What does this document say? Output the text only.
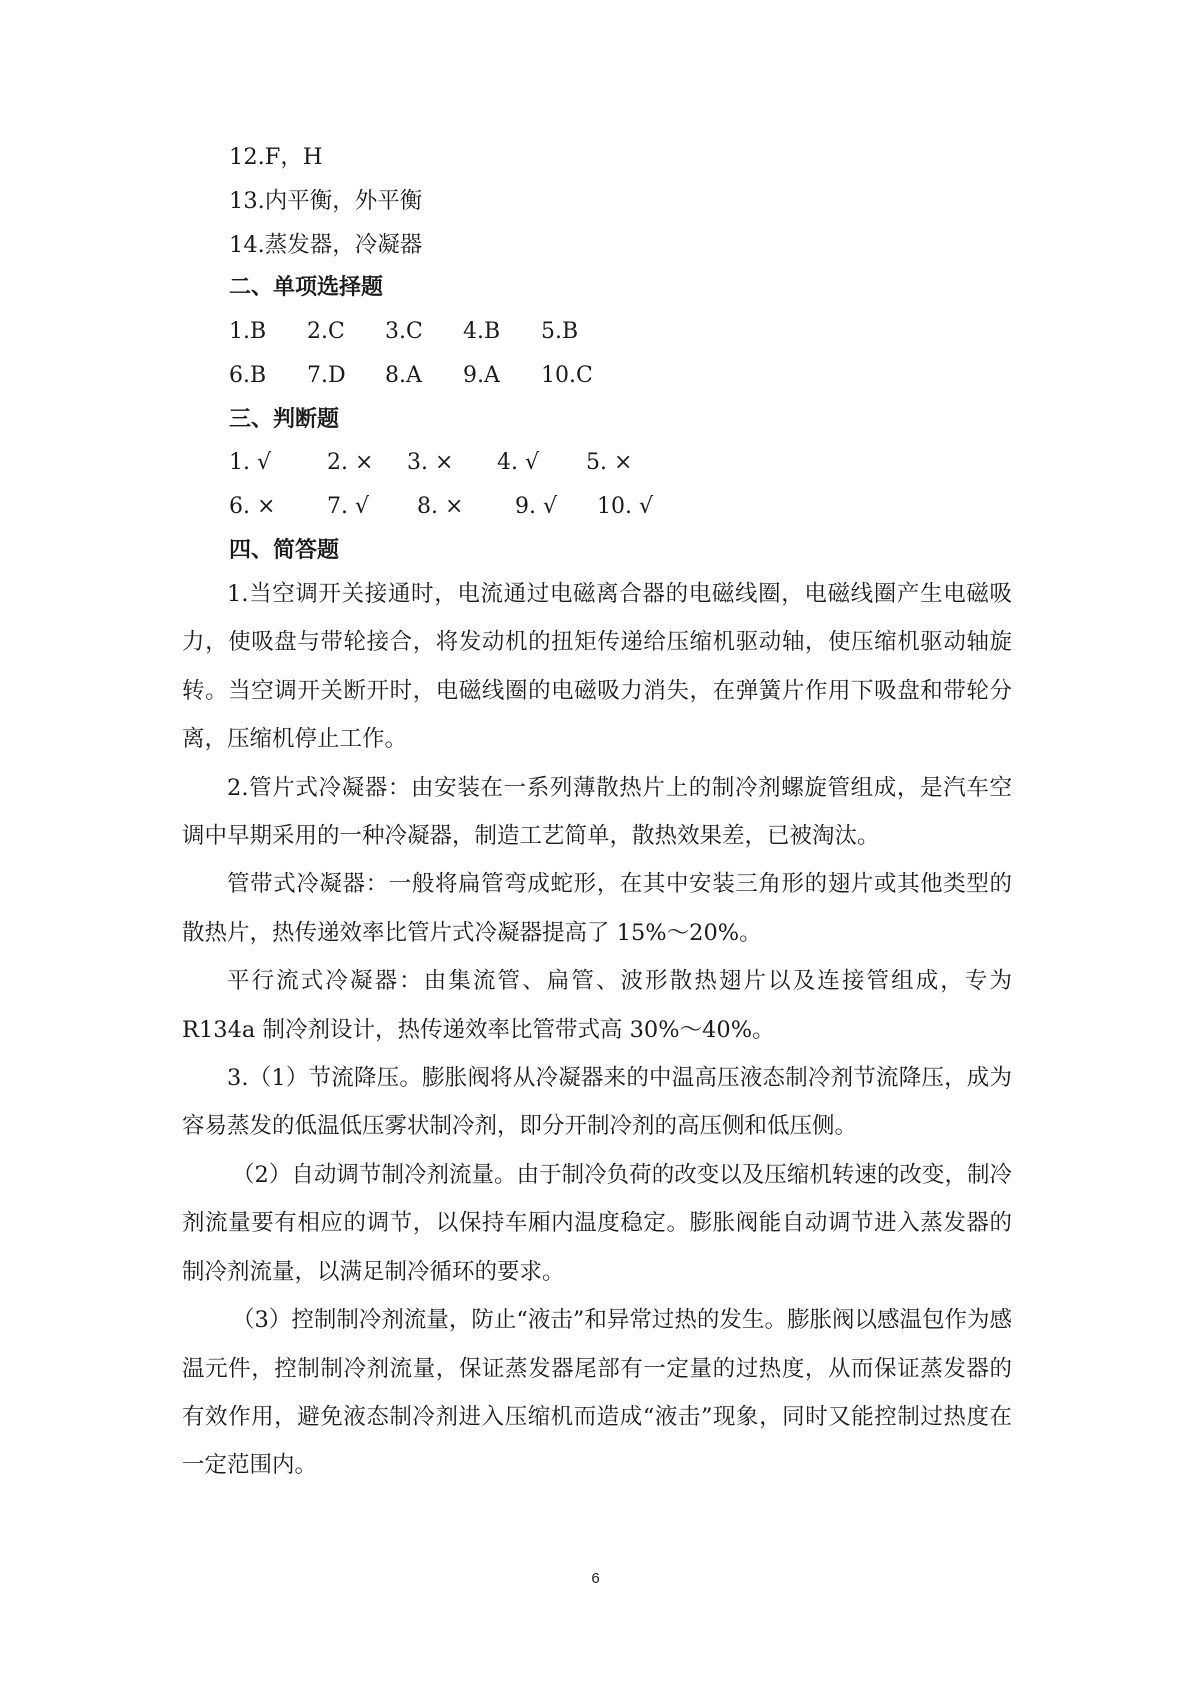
12.F，H
13.内平衡，外平衡
14.蒸发器，冷凝器
二、单项选择题
1.B 2.C 3.C 4.B 5.B
6.B 7.D 8.A 9.A 10.C
三、判断题
1. √	2. × 3. × 4. √ 5. ×
6. × 7. √ 8. × 9. √ 10. √
四、简答题

1.当空调开关接通时，电流通过电磁离合器的电磁线圈，电磁线圈产生电磁吸力，使吸盘与带轮接合，将发动机的扭矩传递给压缩机驱动轴，使压缩机驱动轴旋转。当空调开关断开时，电磁线圈的电磁吸力消失，在弹簧片作用下吸盘和带轮分离，压缩机停止工作。

2.管片式冷凝器：由安装在一系列薄散热片上的制冷剂螺旋管组成，是汽车空调中早期采用的一种冷凝器，制造工艺简单，散热效果差，已被淘汰。

管带式冷凝器：一般将扁管弯成蛇形，在其中安装三角形的翅片或其他类型的散热片，热传递效率比管片式冷凝器提高了 15%～20%。

平行流式冷凝器：由集流管、扁管、波形散热翅片以及连接管组成，专为R134a 制冷剂设计，热传递效率比管带式高 30%～40%。

3.（1）节流降压。膨胀阀将从冷凝器来的中温高压液态制冷剂节流降压，成为容易蒸发的低温低压雾状制冷剂，即分开制冷剂的高压侧和低压侧。

（2）自动调节制冷剂流量。由于制冷负荷的改变以及压缩机转速的改变，制冷剂流量要有相应的调节，以保持车厢内温度稳定。膨胀阀能自动调节进入蒸发器的制冷剂流量，以满足制冷循环的要求。

（3）控制制冷剂流量，防止“液击”和异常过热的发生。膨胀阀以感温包作为感温元件，控制制冷剂流量，保证蒸发器尾部有一定量的过热度，从而保证蒸发器的有效作用，避免液态制冷剂进入压缩机而造成“液击”现象，同时又能控制过热度在一定范围内。

6
